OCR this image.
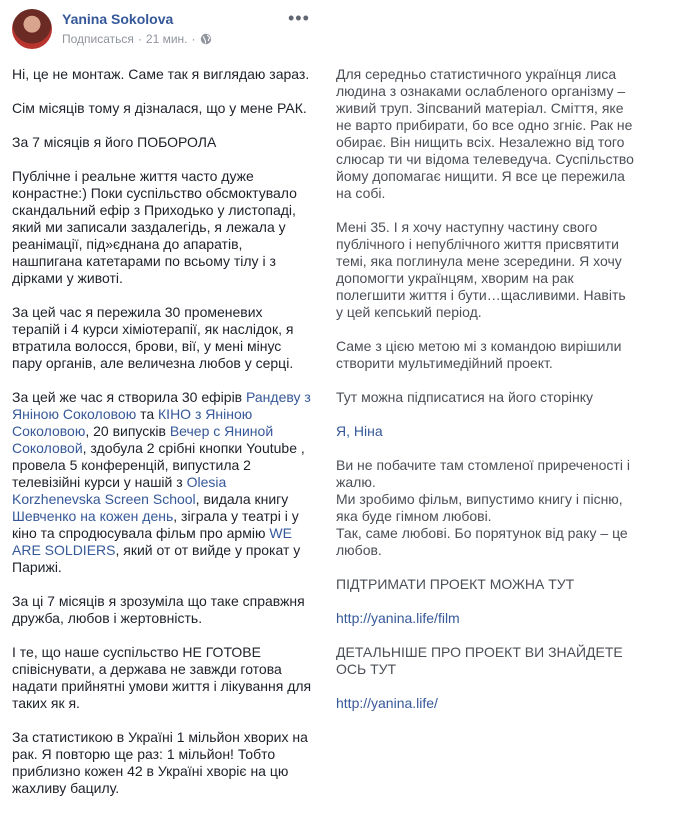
Yanina Sokolova
Подписаться · 21 мин. ·
•••

Ні, це не монтаж. Саме так я виглядаю зараз.

Сім місяців тому я дізналася, що у мене РАК.

За 7 місяців я його ПОБОРОЛА

Публічне і реальне життя часто дуже конрастне:) Поки суспільство обсмоктувало скандальний ефір з Приходько у листопаді, який ми записали заздалегідь, я лежала у реанімації, під»єднана до апаратів, нашпигана катетарами по всьому тілу і з дірками у животі.

За цей час я пережила 30 променевих терапій і 4 курси хіміотерапії, як наслідок, я втратила волосся, брови, вії, у мені мінус пару органів, але величезна любов у серці.

За цей же час я створила 30 ефірів Рандеву з Яніною Соколовою та КІНО з Яніною Соколовою, 20 випусків Вечер с Яниной Соколовой, здобула 2 срібні кнопки Youtube , провела 5 конференцій, випустила 2 телевізійні курси у нашій з Olesia Korzhenevska Screen School, видала книгу Шевченко на кожен день, зіграла у театрі і у кіно та спродюсувала фільм про армію WE ARE SOLDIERS, який от от вийде у прокат у Парижі.

За ці 7 місяців я зрозуміла що таке справжня дружба, любов і жертовність.

І те, що наше суспільство НЕ ГОТОВЕ співіснувати, а держава не завжди готова надати прийнятні умови життя і лікування для таких як я.

За статистикою в Україні 1 мільйон хворих на рак. Я повторю ще раз: 1 мільйон! Тобто приблизно кожен 42 в Україні хворіє на цю жахливу бацилу.

Для середньо статистичного українця лиса людина з ознаками ослабленого організму – живий труп. Зіпсваний матеріал. Сміття, яке не варто прибирати, бо все одно згніє. Рак не обирає. Він нищить всіх. Незалежно від того слюсар ти чи відома телеведуча. Суспільство йому допомагає нищити. Я все це пережила на собі.

Мені 35. І я хочу наступну частину свого публічного і непублічного життя присвятити темі, яка поглинула мене зсередини. Я хочу допомогти українцям, хворим на рак полегшити життя і бути…щасливими. Навіть у цей кепський період.

Саме з цією метою мі з командою вирішили створити мультимедійний проект.

Тут можна підписатися на його сторінку

Я, Ніна

Ви не побачите там стомленої приреченості і жалю.

Ми зробимо фільм, випустимо книгу і пісню, яка буде гімном любові.

Так, саме любові. Бо порятунок від раку – це любов.

ПІДТРИМАТИ ПРОЕКТ МОЖНА ТУТ

http://yanina.life/film

ДЕТАЛЬНІШЕ ПРО ПРОЕКТ ВИ ЗНАЙДЕТЕ ОСЬ ТУТ

http://yanina.life/
